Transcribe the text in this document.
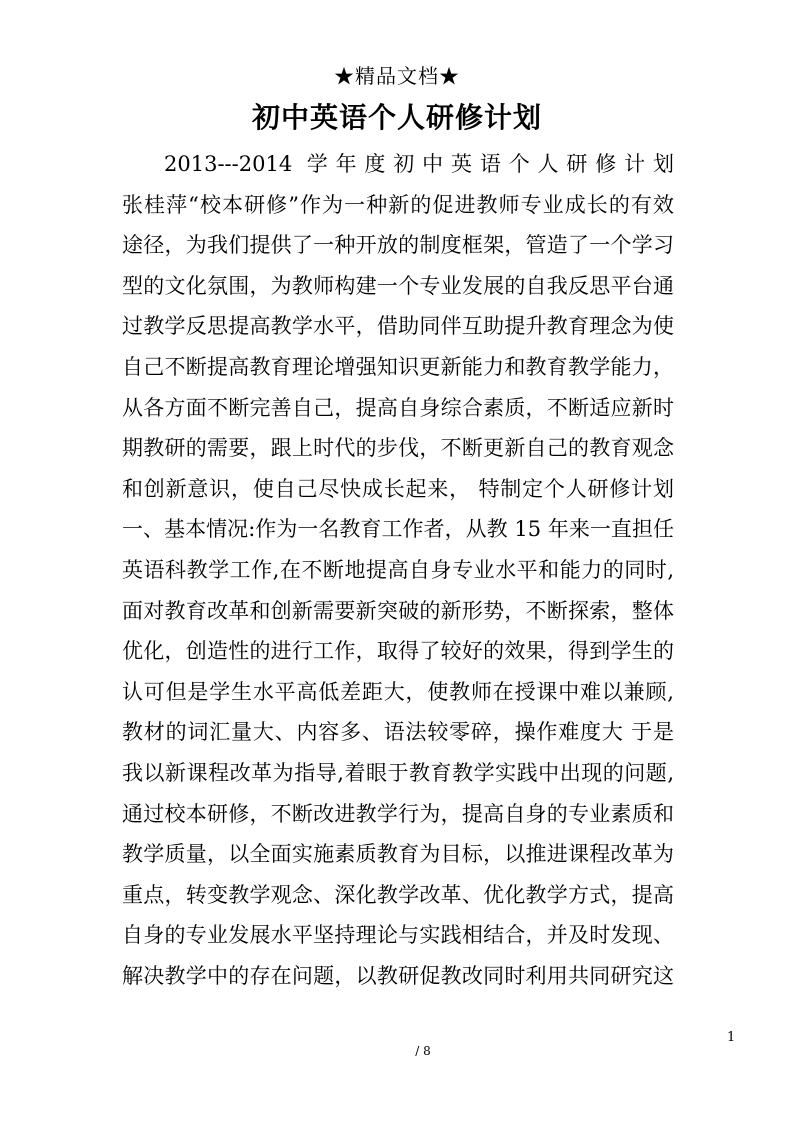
★精品文档★
初中英语个人研修计划
2013---2014 学年度初中英语个人研修计划
张桂萍“校本研修”作为一种新的促进教师专业成长的有效
途径，为我们提供了一种开放的制度框架，管造了一个学习
型的文化氛围，为教师构建一个专业发展的自我反思平台通
过教学反思提高教学水平，借助同伴互助提升教育理念为使
自己不断提高教育理论增强知识更新能力和教育教学能力，
从各方面不断完善自己，提高自身综合素质，不断适应新时
期教研的需要，跟上时代的步伐，不断更新自己的教育观念
和创新意识，使自己尽快成长起来， 特制定个人研修计划
一、基本情况:作为一名教育工作者，从教 15 年来一直担任
英语科教学工作,在不断地提高自身专业水平和能力的同时,
面对教育改革和创新需要新突破的新形势，不断探索，整体
优化，创造性的进行工作，取得了较好的效果，得到学生的
认可但是学生水平高低差距大，使教师在授课中难以兼顾,
教材的词汇量大、内容多、语法较零碎，操作难度大 于是
我以新课程改革为指导,着眼于教育教学实践中出现的问题,
通过校本研修，不断改进教学行为，提高自身的专业素质和
教学质量，以全面实施素质教育为目标，以推进课程改革为
重点，转变教学观念、深化教学改革、优化教学方式，提高
自身的专业发展水平坚持理论与实践相结合，并及时发现、
解决教学中的存在问题，以教研促教改同时利用共同研究这
1
/ 8
